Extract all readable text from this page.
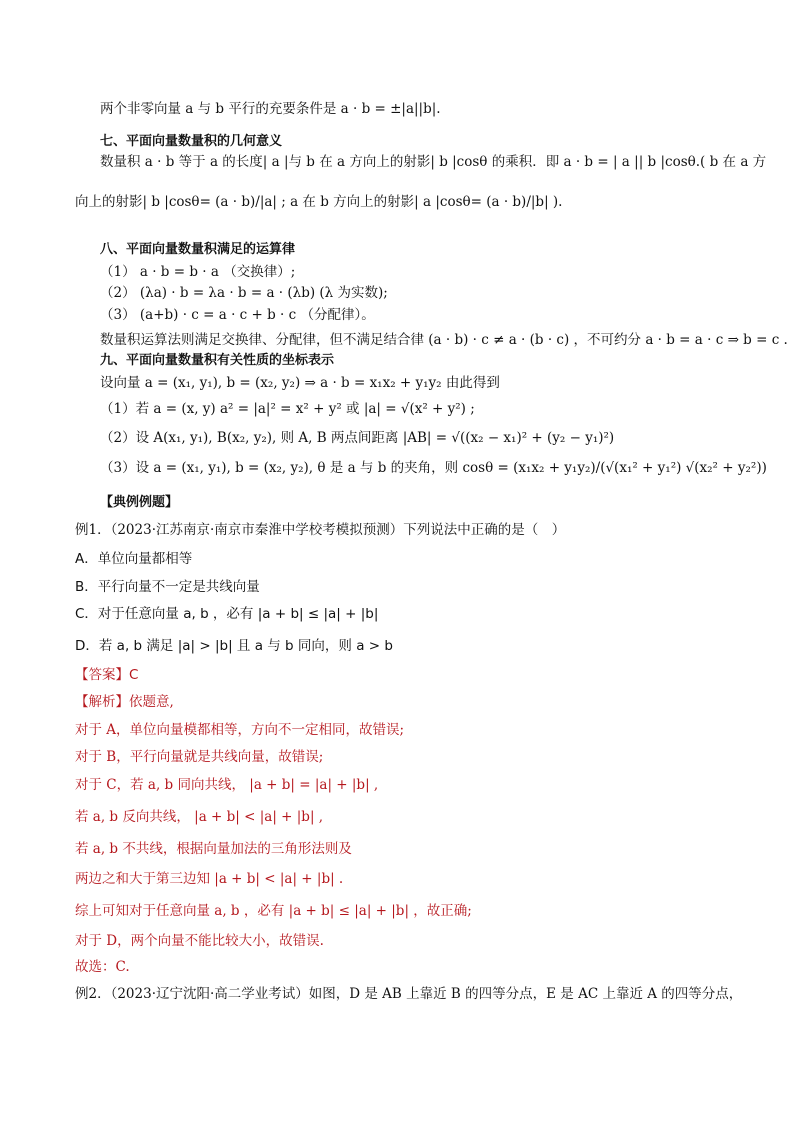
两个非零向量 a 与 b 平行的充要条件是 a · b = ±|a||b|.
七、平面向量数量积的几何意义
数量积 a · b 等于 a 的长度| a |与 b 在 a 方向上的射影| b |cosθ 的乘积．即 a · b = | a || b |cosθ.( b 在 a 方
向上的射影| b |cosθ= (a · b)/|a| ; a 在 b 方向上的射影| a |cosθ= (a · b)/|b| ).
八、平面向量数量积满足的运算律
（1） a · b = b · a （交换律）;
（2） (λa) · b = λa · b = a · (λb) (λ 为实数);
（3） (a+b) · c = a · c + b · c （分配律）。
数量积运算法则满足交换律、分配律，但不满足结合律 (a · b) · c ≠ a · (b · c) ，不可约分 a · b = a · c ⇒ b = c .
九、平面向量数量积有关性质的坐标表示
设向量 a = (x₁, y₁), b = (x₂, y₂) ⇒ a · b = x₁x₂ + y₁y₂ 由此得到
（1）若 a = (x, y) a² = |a|² = x² + y² 或 |a| = √(x² + y²) ;
（2）设 A(x₁, y₁), B(x₂, y₂), 则 A, B 两点间距离 |AB| = √((x₂ − x₁)² + (y₂ − y₁)²)
（3）设 a = (x₁, y₁), b = (x₂, y₂), θ 是 a 与 b 的夹角，则 cosθ = (x₁x₂ + y₁y₂)/(√(x₁² + y₁²) √(x₂² + y₂²))
【典例例题】
例1．（2023·江苏南京·南京市秦淮中学校考模拟预测）下列说法中正确的是（　）
A．单位向量都相等
B．平行向量不一定是共线向量
C．对于任意向量 a, b ，必有 |a + b| ≤ |a| + |b|
D．若 a, b 满足 |a| > |b| 且 a 与 b 同向，则 a > b
【答案】C
【解析】依题意,
对于 A，单位向量模都相等，方向不一定相同，故错误;
对于 B，平行向量就是共线向量，故错误;
对于 C，若 a, b 同向共线， |a + b| = |a| + |b| ,
若 a, b 反向共线， |a + b| < |a| + |b| ,
若 a, b 不共线，根据向量加法的三角形法则及
两边之和大于第三边知 |a + b| < |a| + |b| .
综上可知对于任意向量 a, b ，必有 |a + b| ≤ |a| + |b| ，故正确;
对于 D，两个向量不能比较大小，故错误.
故选：C.
例2．（2023·辽宁沈阳·高二学业考试）如图，D 是 AB 上靠近 B 的四等分点，E 是 AC 上靠近 A 的四等分点，
